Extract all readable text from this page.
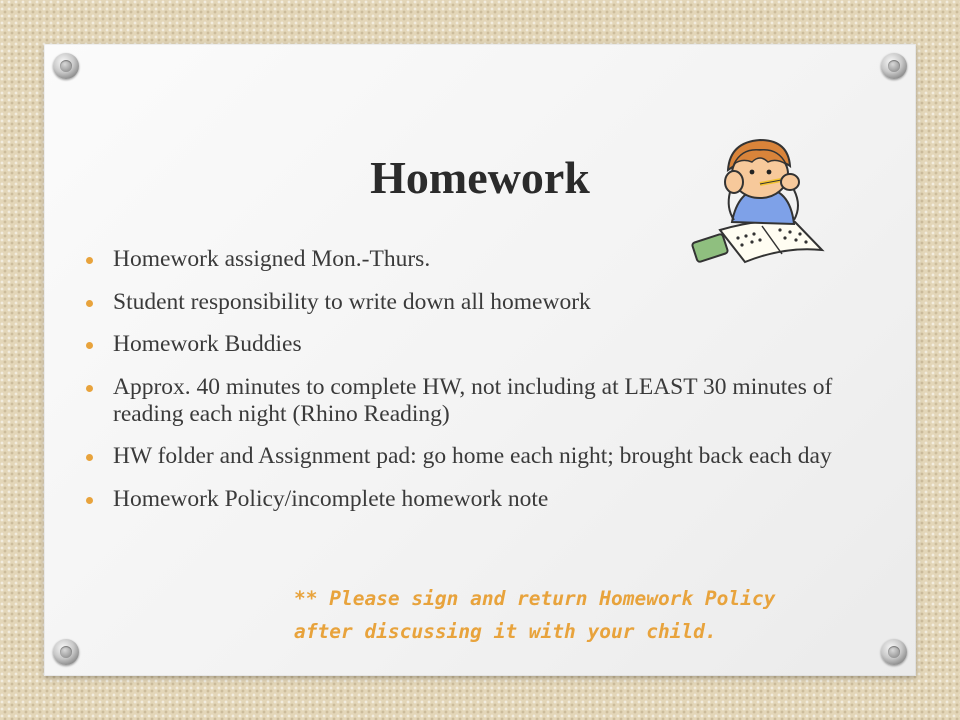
Homework
Homework assigned Mon.-Thurs.
Student responsibility to write down all homework
Homework Buddies
Approx. 40 minutes to complete HW, not including at LEAST 30 minutes of reading each night (Rhino Reading)
HW folder and Assignment pad: go home each night; brought back each day
Homework Policy/incomplete homework note

** Please sign and return Homework Policy
after discussing it with your child.
